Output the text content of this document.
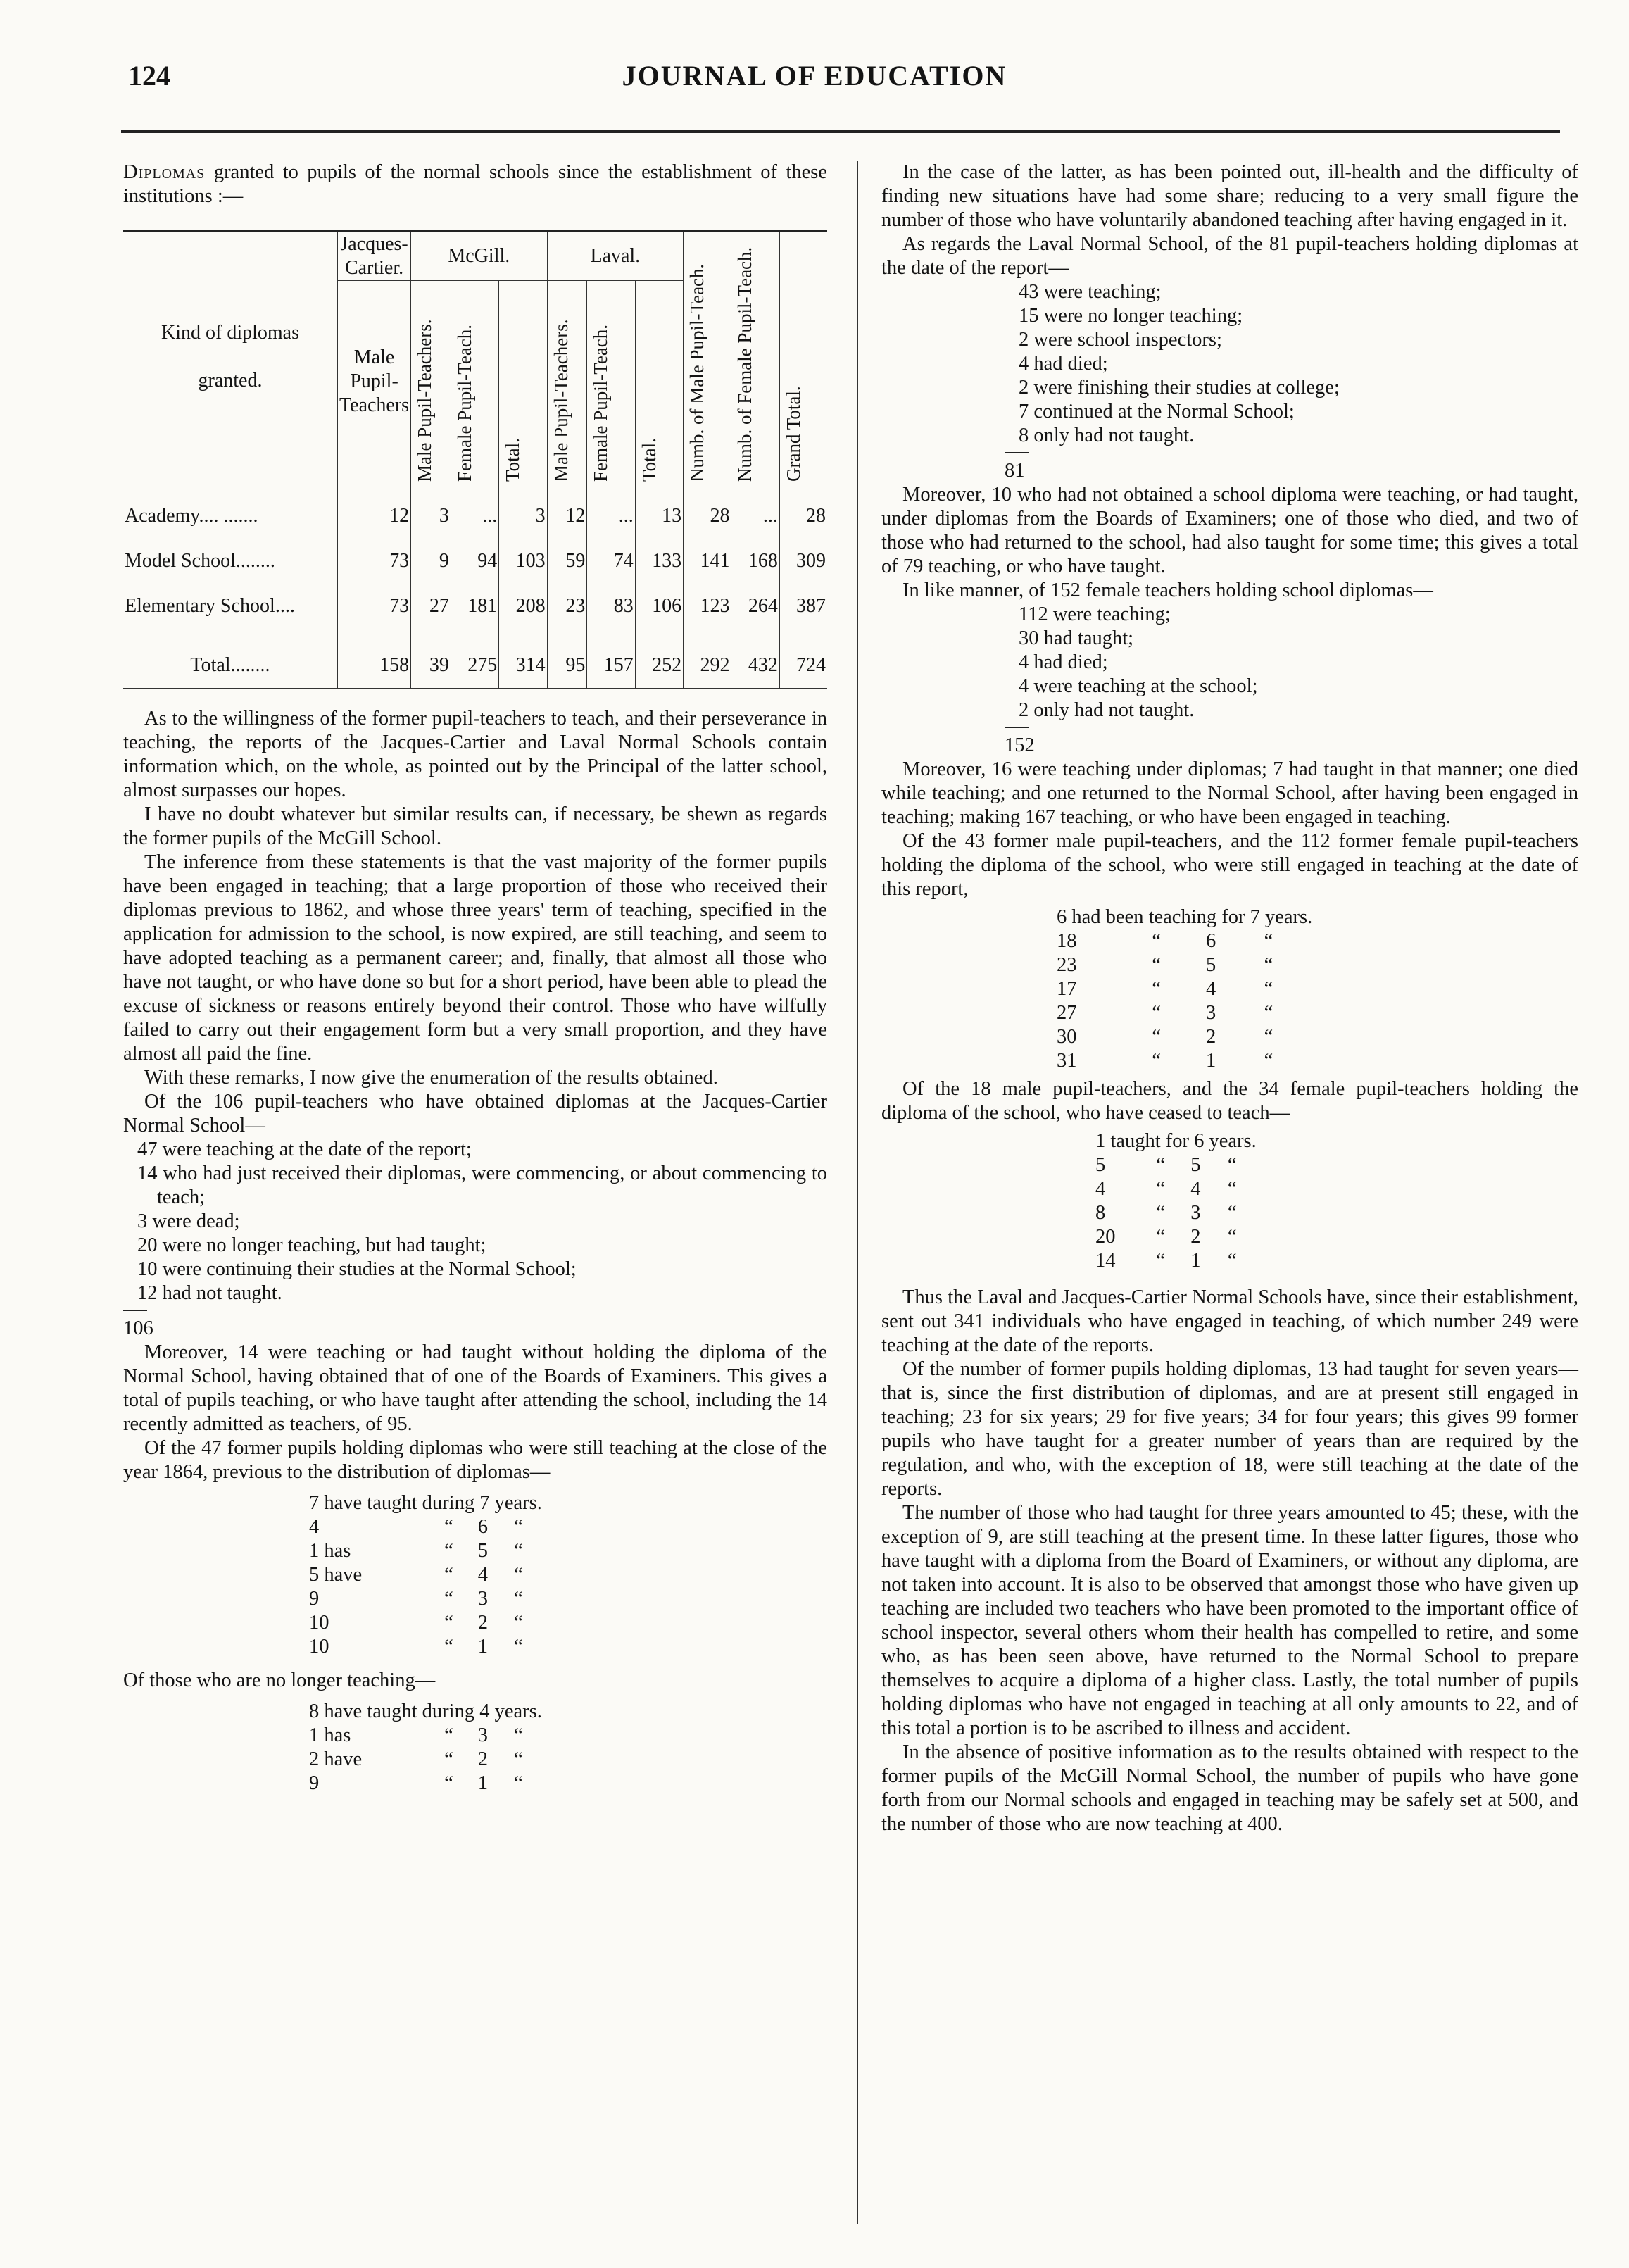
124	JOURNAL OF EDUCATION

Diplomas granted to pupils of the normal schools since the establishment of these institutions :—

Kind of diplomas
granted.	Jacques-Cartier.	McGill.			Laval.			Numb. of Male Pupil-Teach.	Numb. of Female Pupil-Teach.	Grand Total.

	Male
Pupil-
Teachers	Male Pupil-Teachers.	Female Pupil-Teach.	Total.	Male Pupil-Teachers.	Female Pupil-Teach.	Total.			

Academy.... .......	12	3	...	3	12	...	13	28	...	28
Model School........	73	9	94	103	59	74	133	141	168	309
Elementary School....	73	27	181	208	23	83	106	123	264	387

Total........	158	39	275	314	95	157	252	292	432	724

As to the willingness of the former pupil-teachers to teach, and their perseverance in teaching, the reports of the Jacques-Cartier and Laval Normal Schools contain information which, on the whole, as pointed out by the Principal of the latter school, almost surpasses our hopes.

I have no doubt whatever but similar results can, if necessary, be shewn as regards the former pupils of the McGill School.

The inference from these statements is that the vast majority of the former pupils have been engaged in teaching; that a large proportion of those who received their diplomas previous to 1862, and whose three years' term of teaching, specified in the application for admission to the school, is now expired, are still teaching, and seem to have adopted teaching as a permanent career; and, finally, that almost all those who have not taught, or who have done so but for a short period, have been able to plead the excuse of sickness or reasons entirely beyond their control. Those who have wilfully failed to carry out their engagement form but a very small proportion, and they have almost all paid the fine.

With these remarks, I now give the enumeration of the results obtained.

Of the 106 pupil-teachers who have obtained diplomas at the Jacques-Cartier Normal School—

47 were teaching at the date of the report;
14 who had just received their diplomas, were commencing, or about commencing to teach;
3 were dead;
20 were no longer teaching, but had taught;
10 were continuing their studies at the Normal School;
12 had not taught.
106

Moreover, 14 were teaching or had taught without holding the diploma of the Normal School, having obtained that of one of the Boards of Examiners. This gives a total of pupils teaching, or who have taught after attending the school, including the 14 recently admitted as teachers, of 95.

Of the 47 former pupils holding diplomas who were still teaching at the close of the year 1864, previous to the distribution of diplomas—

7 have taught during 7 years.			
4	“	6	“
1 has	“	5	“
5 have	“	4	“
9	“	3	“
10	“	2	“
10	“	1	“

Of those who are no longer teaching—

8 have taught during 4 years.			
1 has	“	3	“
2 have	“	2	“
9	“	1	“

In the case of the latter, as has been pointed out, ill-health and the difficulty of finding new situations have had some share; reducing to a very small figure the number of those who have voluntarily abandoned teaching after having engaged in it.

As regards the Laval Normal School, of the 81 pupil-teachers holding diplomas at the date of the report—

43 were teaching;
15 were no longer teaching;
2 were school inspectors;
4 had died;
2 were finishing their studies at college;
7 continued at the Normal School;
8 only had not taught.
81

Moreover, 10 who had not obtained a school diploma were teaching, or had taught, under diplomas from the Boards of Examiners; one of those who died, and two of those who had returned to the school, had also taught for some time; this gives a total of 79 teaching, or who have taught.

In like manner, of 152 female teachers holding school diplomas—

112 were teaching;
30 had taught;
4 had died;
4 were teaching at the school;
2 only had not taught.
152

Moreover, 16 were teaching under diplomas; 7 had taught in that manner; one died while teaching; and one returned to the Normal School, after having been engaged in teaching; making 167 teaching, or who have been engaged in teaching.

Of the 43 former male pupil-teachers, and the 112 former female pupil-teachers holding the diploma of the school, who were still engaged in teaching at the date of this report,

6 had been teaching for 7 years.			
18	“	6	“
23	“	5	“
17	“	4	“
27	“	3	“
30	“	2	“
31	“	1	“

Of the 18 male pupil-teachers, and the 34 female pupil-teachers holding the diploma of the school, who have ceased to teach—

1 taught for 6 years.			
5	“	5	“
4	“	4	“
8	“	3	“
20	“	2	“
14	“	1	“

Thus the Laval and Jacques-Cartier Normal Schools have, since their establishment, sent out 341 individuals who have engaged in teaching, of which number 249 were teaching at the date of the reports.

Of the number of former pupils holding diplomas, 13 had taught for seven years—that is, since the first distribution of diplomas, and are at present still engaged in teaching; 23 for six years; 29 for five years; 34 for four years; this gives 99 former pupils who have taught for a greater number of years than are required by the regulation, and who, with the exception of 18, were still teaching at the date of the reports.

The number of those who had taught for three years amounted to 45; these, with the exception of 9, are still teaching at the present time. In these latter figures, those who have taught with a diploma from the Board of Examiners, or without any diploma, are not taken into account. It is also to be observed that amongst those who have given up teaching are included two teachers who have been promoted to the important office of school inspector, several others whom their health has compelled to retire, and some who, as has been seen above, have returned to the Normal School to prepare themselves to acquire a diploma of a higher class. Lastly, the total number of pupils holding diplomas who have not engaged in teaching at all only amounts to 22, and of this total a portion is to be ascribed to illness and accident.

In the absence of positive information as to the results obtained with respect to the former pupils of the McGill Normal School, the number of pupils who have gone forth from our Normal schools and engaged in teaching may be safely set at 500, and the number of those who are now teaching at 400.
